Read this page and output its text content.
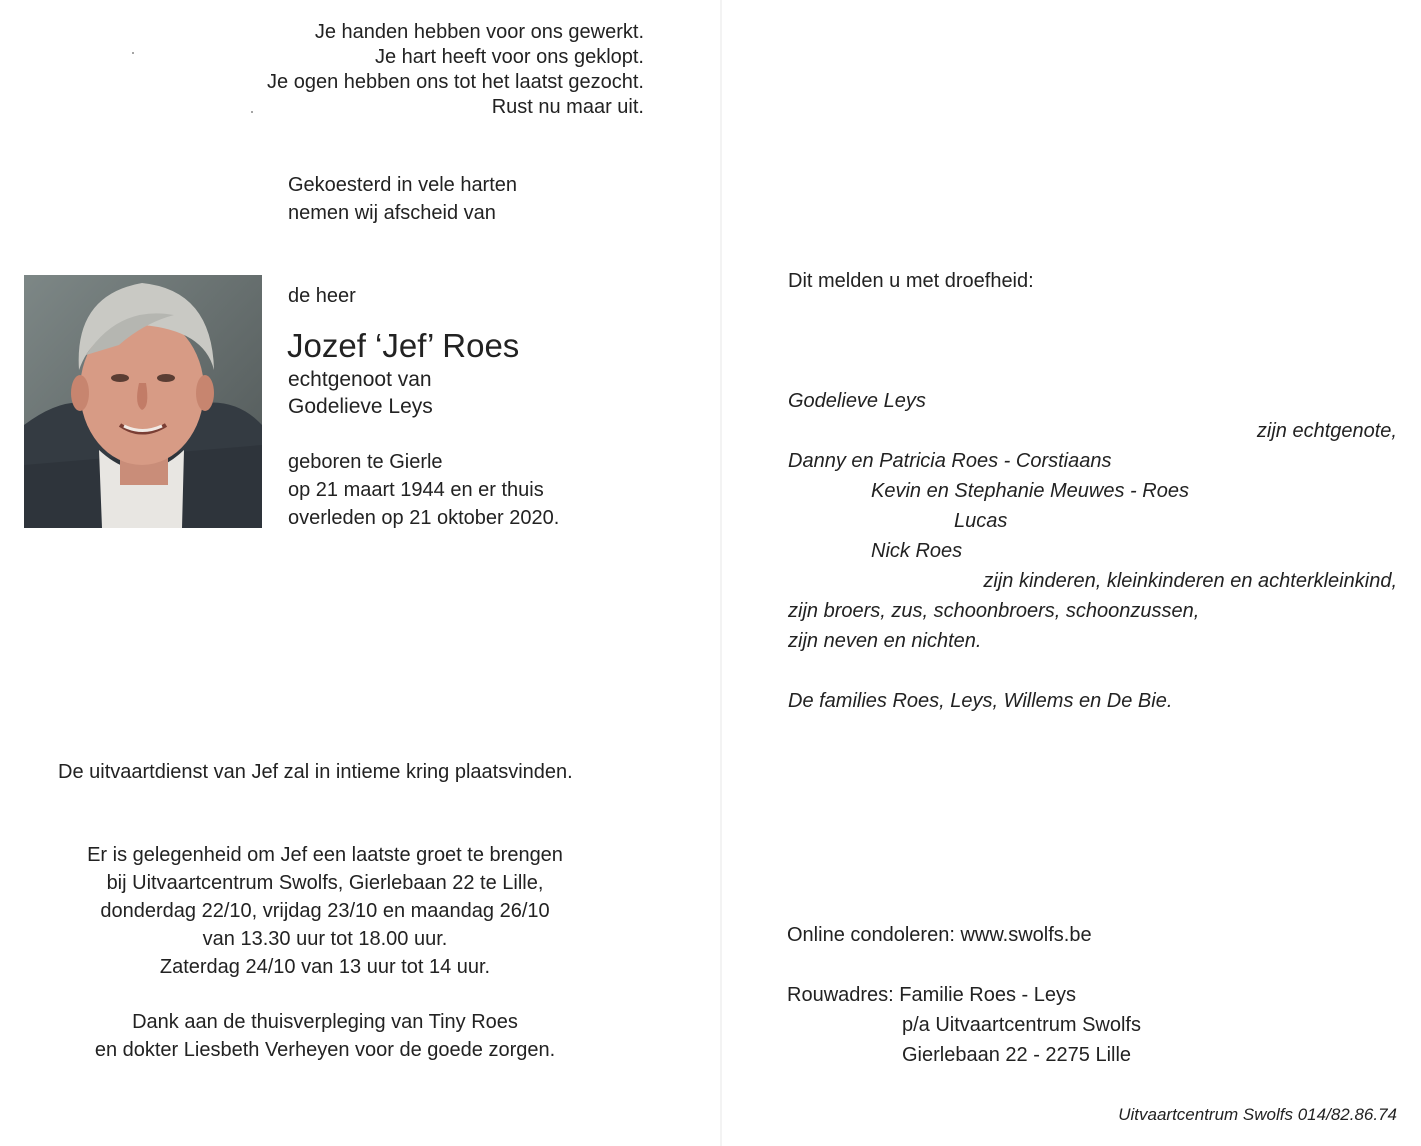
Je handen hebben voor ons gewerkt.
Je hart heeft voor ons geklopt.
Je ogen hebben ons tot het laatst gezocht.
Rust nu maar uit.
Gekoesterd in vele harten
nemen wij afscheid van
de heer
Jozef ‘Jef’ Roes
echtgenoot van
Godelieve Leys
geboren te Gierle
op 21 maart 1944 en er thuis
overleden op 21 oktober 2020.
De uitvaartdienst van Jef zal in intieme kring plaatsvinden.
Er is gelegenheid om Jef een laatste groet te brengen
bij Uitvaartcentrum Swolfs, Gierlebaan 22 te Lille,
donderdag 22/10, vrijdag 23/10 en maandag 26/10
van 13.30 uur tot 18.00 uur.
Zaterdag 24/10 van 13 uur tot 14 uur.
Dank aan de thuisverpleging van Tiny Roes
en dokter Liesbeth Verheyen voor de goede zorgen.
Dit melden u met droefheid:
Godelieve Leys
zijn echtgenote,
Danny en Patricia Roes - Corstiaans
Kevin en Stephanie Meuwes - Roes
Lucas
Nick Roes
zijn kinderen, kleinkinderen en achterkleinkind,
zijn broers, zus, schoonbroers, schoonzussen,
zijn neven en nichten.
De families Roes, Leys, Willems en De Bie.
Online condoleren: www.swolfs.be
Rouwadres: Familie Roes - Leys
p/a Uitvaartcentrum Swolfs
Gierlebaan 22 - 2275 Lille
Uitvaartcentrum Swolfs 014/82.86.74
